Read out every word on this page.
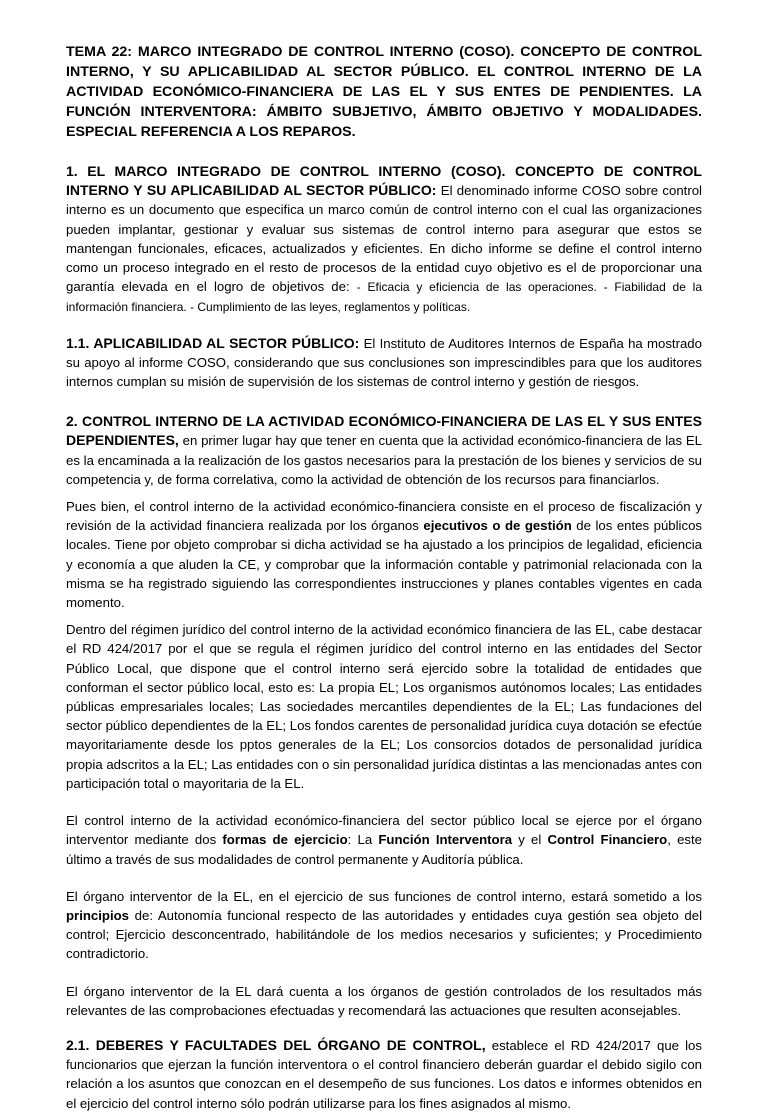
TEMA 22: MARCO INTEGRADO DE CONTROL INTERNO (COSO). CONCEPTO DE CONTROL INTERNO, Y SU APLICABILIDAD AL SECTOR PÚBLICO. EL CONTROL INTERNO DE LA ACTIVIDAD ECONÓMICO-FINANCIERA DE LAS EL Y SUS ENTES DE PENDIENTES. LA FUNCIÓN INTERVENTORA: ÁMBITO SUBJETIVO, ÁMBITO OBJETIVO Y MODALIDADES. ESPECIAL REFERENCIA A LOS REPAROS.

1. EL MARCO INTEGRADO DE CONTROL INTERNO (COSO). CONCEPTO DE CONTROL INTERNO Y SU APLICABILIDAD AL SECTOR PÚBLICO: El denominado informe COSO sobre control interno es un documento que especifica un marco común de control interno con el cual las organizaciones pueden implantar, gestionar y evaluar sus sistemas de control interno para asegurar que estos se mantengan funcionales, eficaces, actualizados y eficientes. En dicho informe se define el control interno como un proceso integrado en el resto de procesos de la entidad cuyo objetivo es el de proporcionar una garantía elevada en el logro de objetivos de: - Eficacia y eficiencia de las operaciones. - Fiabilidad de la información financiera. - Cumplimiento de las leyes, reglamentos y políticas.

1.1. APLICABILIDAD AL SECTOR PÚBLICO: El Instituto de Auditores Internos de España ha mostrado su apoyo al informe COSO, considerando que sus conclusiones son imprescindibles para que los auditores internos cumplan su misión de supervisión de los sistemas de control interno y gestión de riesgos.

2. CONTROL INTERNO DE LA ACTIVIDAD ECONÓMICO-FINANCIERA DE LAS EL Y SUS ENTES DEPENDIENTES, en primer lugar hay que tener en cuenta que la actividad económico-financiera de las EL es la encaminada a la realización de los gastos necesarios para la prestación de los bienes y servicios de su competencia y, de forma correlativa, como la actividad de obtención de los recursos para financiarlos.

Pues bien, el control interno de la actividad económico-financiera consiste en el proceso de fiscalización y revisión de la actividad financiera realizada por los órganos ejecutivos o de gestión de los entes públicos locales. Tiene por objeto comprobar si dicha actividad se ha ajustado a los principios de legalidad, eficiencia y economía a que aluden la CE, y comprobar que la información contable y patrimonial relacionada con la misma se ha registrado siguiendo las correspondientes instrucciones y planes contables vigentes en cada momento.

Dentro del régimen jurídico del control interno de la actividad económico financiera de las EL, cabe destacar el RD 424/2017 por el que se regula el régimen jurídico del control interno en las entidades del Sector Público Local, que dispone que el control interno será ejercido sobre la totalidad de entidades que conforman el sector público local, esto es: La propia EL; Los organismos autónomos locales; Las entidades públicas empresariales locales; Las sociedades mercantiles dependientes de la EL; Las fundaciones del sector público dependientes de la EL; Los fondos carentes de personalidad jurídica cuya dotación se efectúe mayoritariamente desde los pptos generales de la EL; Los consorcios dotados de personalidad jurídica propia adscritos a la EL; Las entidades con o sin personalidad jurídica distintas a las mencionadas antes con participación total o mayoritaria de la EL.

El control interno de la actividad económico-financiera del sector público local se ejerce por el órgano interventor mediante dos formas de ejercicio: La Función Interventora y el Control Financiero, este último a través de sus modalidades de control permanente y Auditoría pública.

El órgano interventor de la EL, en el ejercicio de sus funciones de control interno, estará sometido a los principios de: Autonomía funcional respecto de las autoridades y entidades cuya gestión sea objeto del control; Ejercicio desconcentrado, habilitándole de los medios necesarios y suficientes; y Procedimiento contradictorio.

El órgano interventor de la EL dará cuenta a los órganos de gestión controlados de los resultados más relevantes de las comprobaciones efectuadas y recomendará las actuaciones que resulten aconsejables.

2.1. DEBERES Y FACULTADES DEL ÓRGANO DE CONTROL, establece el RD 424/2017 que los funcionarios que ejerzan la función interventora o el control financiero deberán guardar el debido sigilo con relación a los asuntos que conozcan en el desempeño de sus funciones. Los datos e informes obtenidos en el ejercicio del control interno sólo podrán utilizarse para los fines asignados al mismo.
